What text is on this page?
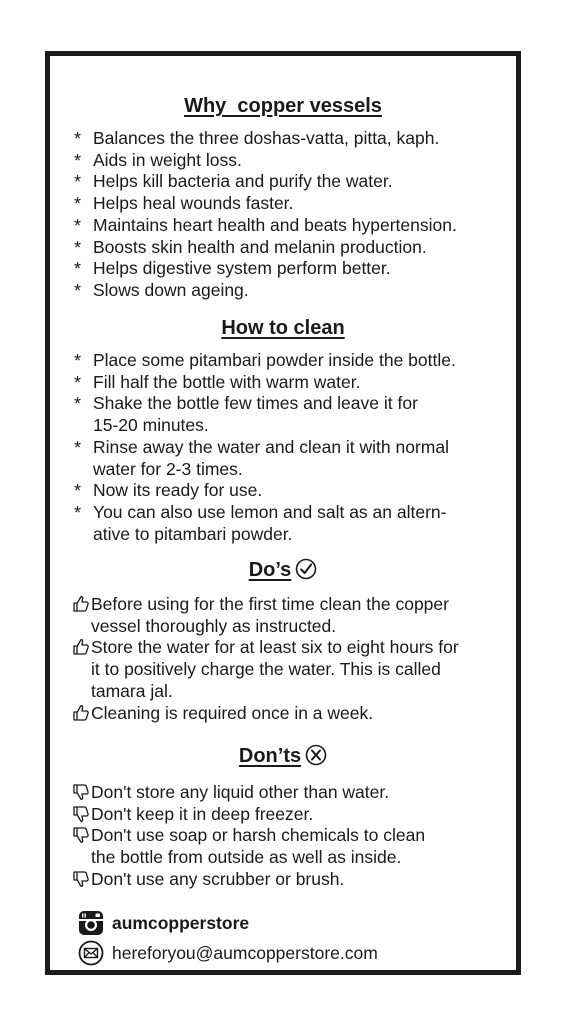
Why  copper vessels
* Balances the three doshas-vatta, pitta, kaph.
* Aids in weight loss.
* Helps kill bacteria and purify the water.
* Helps heal wounds faster.
* Maintains heart health and beats hypertension.
* Boosts skin health and melanin production.
* Helps digestive system perform better.
* Slows down ageing.
How to clean
* Place some pitambari powder inside the bottle.
* Fill half the bottle with warm water.
* Shake the bottle few times and leave it for
15-20 minutes.
* Rinse away the water and clean it with normal
water for 2-3 times.
* Now its ready for use.
* You can also use lemon and salt as an altern-
ative to pitambari powder.
Do’s
Before using for the first time clean the copper
vessel thoroughly as instructed.
Store the water for at least six to eight hours for
it to positively charge the water. This is called
tamara jal.
Cleaning is required once in a week.
Don’ts
Don't store any liquid other than water.
Don't keep it in deep freezer.
Don't use soap or harsh chemicals to clean
the bottle from outside as well as inside.
Don't use any scrubber or brush.
aumcopperstore
hereforyou@aumcopperstore.com
